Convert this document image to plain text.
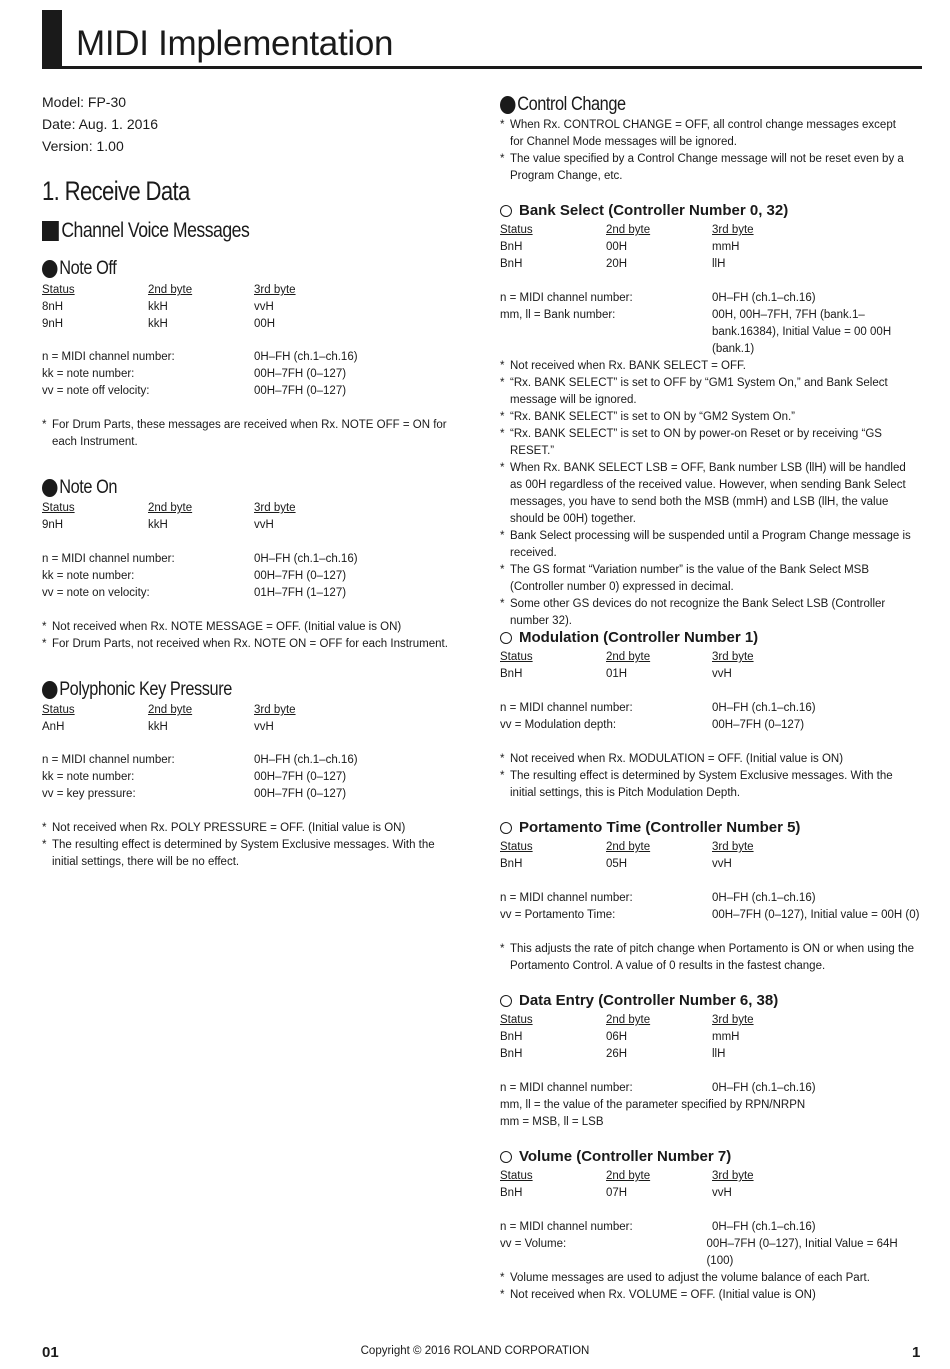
MIDI Implementation
Model: FP-30
Date: Aug. 1. 2016
Version: 1.00
1. Receive Data
Channel Voice Messages
Note Off
Status	2nd byte	3rd byte
8nH	kkH	vvH
9nH	kkH	00H
n = MIDI channel number:	0H–FH (ch.1–ch.16)
kk = note number:	00H–7FH (0–127)
vv = note off velocity:	00H–7FH (0–127)
* For Drum Parts, these messages are received when Rx. NOTE OFF = ON for each Instrument.
Note On
Status	2nd byte	3rd byte
9nH	kkH	vvH
n = MIDI channel number:	0H–FH (ch.1–ch.16)
kk = note number:	00H–7FH (0–127)
vv = note on velocity:	01H–7FH (1–127)
* Not received when Rx. NOTE MESSAGE = OFF. (Initial value is ON)
* For Drum Parts, not received when Rx. NOTE ON = OFF for each Instrument.
Polyphonic Key Pressure
Status	2nd byte	3rd byte
AnH	kkH	vvH
n = MIDI channel number:	0H–FH (ch.1–ch.16)
kk = note number:	00H–7FH (0–127)
vv = key pressure:	00H–7FH (0–127)
* Not received when Rx. POLY PRESSURE = OFF. (Initial value is ON)
* The resulting effect is determined by System Exclusive messages. With the initial settings, there will be no effect.
Control Change
* When Rx. CONTROL CHANGE = OFF, all control change messages except for Channel Mode messages will be ignored.
* The value specified by a Control Change message will not be reset even by a Program Change, etc.
Bank Select (Controller Number 0, 32)
Status	2nd byte	3rd byte
BnH	00H	mmH
BnH	20H	llH
n = MIDI channel number:	0H–FH (ch.1–ch.16)
mm, ll = Bank number:	00H, 00H–7FH, 7FH (bank.1–bank.16384), Initial Value = 00 00H (bank.1)
* Not received when Rx. BANK SELECT = OFF.
* “Rx. BANK SELECT” is set to OFF by “GM1 System On,” and Bank Select message will be ignored.
* “Rx. BANK SELECT” is set to ON by “GM2 System On.”
* “Rx. BANK SELECT” is set to ON by power-on Reset or by receiving “GS RESET.”
* When Rx. BANK SELECT LSB = OFF, Bank number LSB (llH) will be handled as 00H regardless of the received value. However, when sending Bank Select messages, you have to send both the MSB (mmH) and LSB (llH, the value should be 00H) together.
* Bank Select processing will be suspended until a Program Change message is received.
* The GS format “Variation number” is the value of the Bank Select MSB (Controller number 0) expressed in decimal.
* Some other GS devices do not recognize the Bank Select LSB (Controller number 32).
Modulation (Controller Number 1)
Status	2nd byte	3rd byte
BnH	01H	vvH
n = MIDI channel number:	0H–FH (ch.1–ch.16)
vv = Modulation depth:	00H–7FH (0–127)
* Not received when Rx. MODULATION = OFF. (Initial value is ON)
* The resulting effect is determined by System Exclusive messages. With the initial settings, this is Pitch Modulation Depth.
Portamento Time (Controller Number 5)
Status	2nd byte	3rd byte
BnH	05H	vvH
n = MIDI channel number:	0H–FH (ch.1–ch.16)
vv = Portamento Time:	00H–7FH (0–127), Initial value = 00H (0)
* This adjusts the rate of pitch change when Portamento is ON or when using the Portamento Control. A value of 0 results in the fastest change.
Data Entry (Controller Number 6, 38)
Status	2nd byte	3rd byte
BnH	06H	mmH
BnH	26H	llH
n = MIDI channel number:	0H–FH (ch.1–ch.16)
mm, ll = the value of the parameter specified by RPN/NRPN
mm = MSB, ll = LSB
Volume (Controller Number 7)
Status	2nd byte	3rd byte
BnH	07H	vvH
n = MIDI channel number:	0H–FH (ch.1–ch.16)
vv = Volume:	00H–7FH (0–127), Initial Value = 64H (100)
* Volume messages are used to adjust the volume balance of each Part.
* Not received when Rx. VOLUME = OFF. (Initial value is ON)
01	Copyright © 2016 ROLAND CORPORATION	1
